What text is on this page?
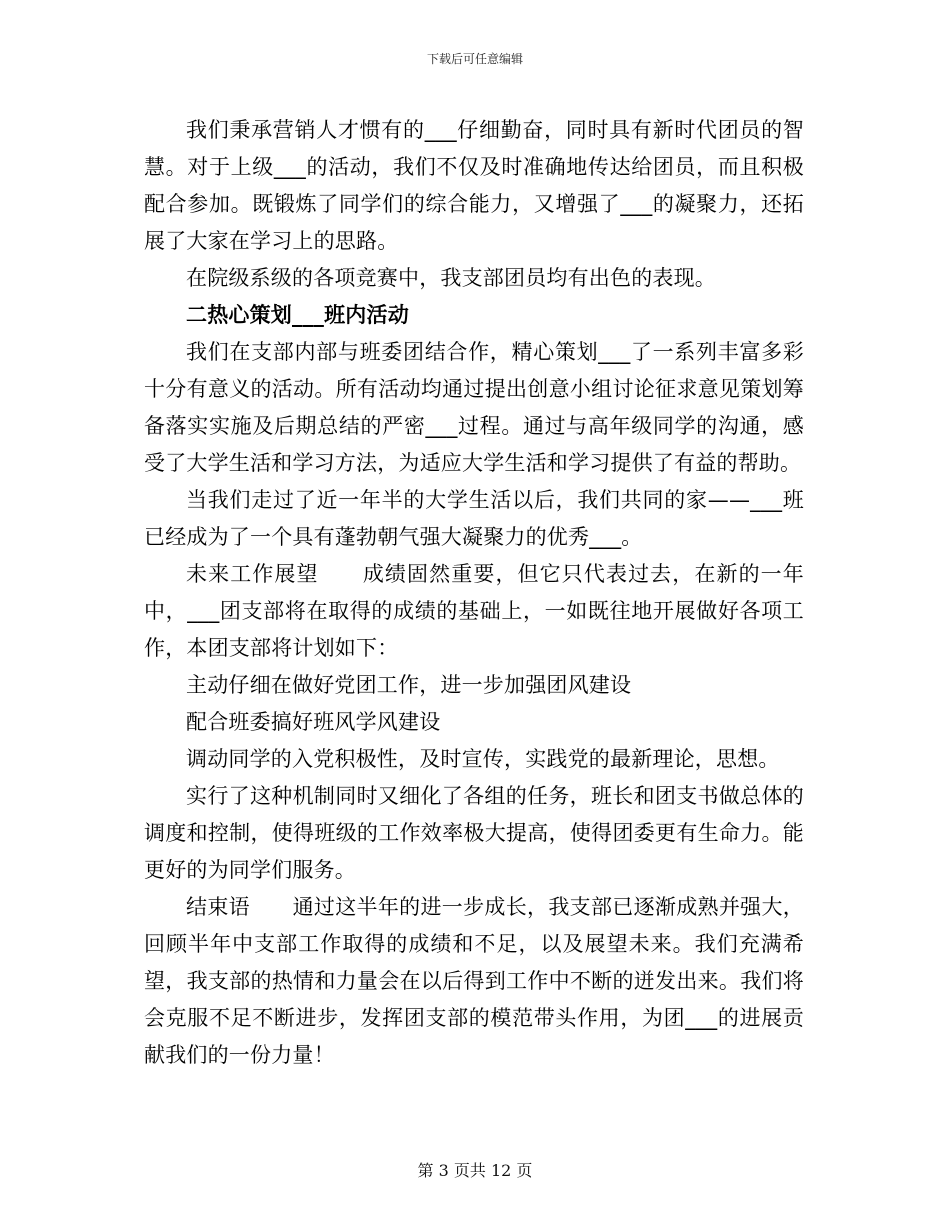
下载后可任意编辑

我们秉承营销人才惯有的___仔细勤奋，同时具有新时代团员的智慧。对于上级___的活动，我们不仅及时准确地传达给团员，而且积极配合参加。既锻炼了同学们的综合能力，又增强了___的凝聚力，还拓展了大家在学习上的思路。

在院级系级的各项竞赛中，我支部团员均有出色的表现。

二热心策划___班内活动

我们在支部内部与班委团结合作，精心策划___了一系列丰富多彩十分有意义的活动。所有活动均通过提出创意小组讨论征求意见策划筹备落实实施及后期总结的严密___过程。通过与高年级同学的沟通，感受了大学生活和学习方法，为适应大学生活和学习提供了有益的帮助。

当我们走过了近一年半的大学生活以后，我们共同的家——___班已经成为了一个具有蓬勃朝气强大凝聚力的优秀___。

未来工作展望　　成绩固然重要，但它只代表过去，在新的一年中，___团支部将在取得的成绩的基础上，一如既往地开展做好各项工作，本团支部将计划如下：

主动仔细在做好党团工作，进一步加强团风建设

配合班委搞好班风学风建设

调动同学的入党积极性，及时宣传，实践党的最新理论，思想。

实行了这种机制同时又细化了各组的任务，班长和团支书做总体的调度和控制，使得班级的工作效率极大提高，使得团委更有生命力。能更好的为同学们服务。

结束语　　通过这半年的进一步成长，我支部已逐渐成熟并强大，回顾半年中支部工作取得的成绩和不足，以及展望未来。我们充满希望，我支部的热情和力量会在以后得到工作中不断的迸发出来。我们将会克服不足不断进步，发挥团支部的模范带头作用，为团___的进展贡献我们的一份力量！

第 3 页共 12 页
